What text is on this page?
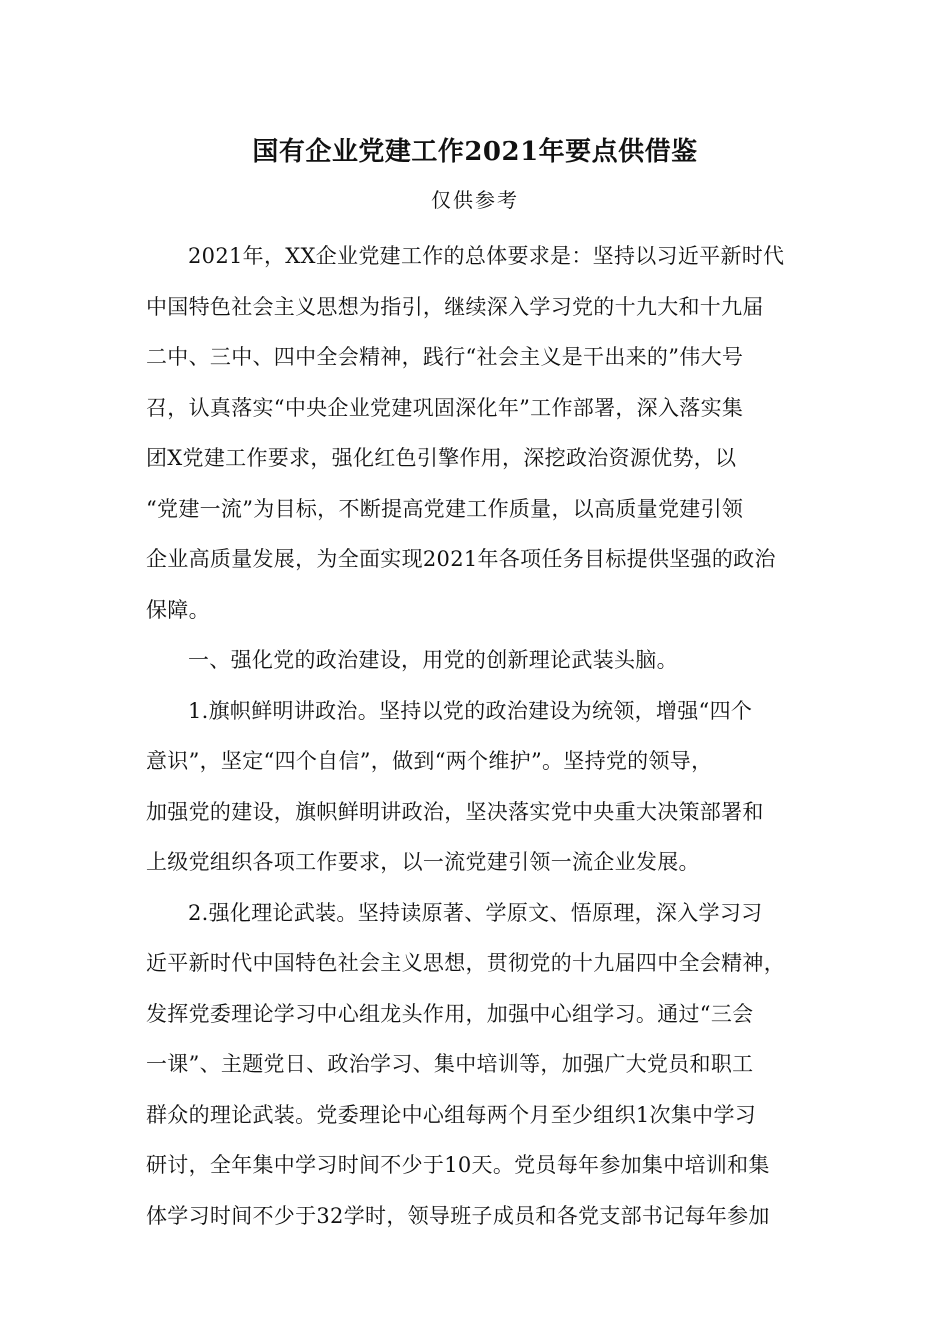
国有企业党建工作2021年要点供借鉴
仅供参考
2021年，XX企业党建工作的总体要求是：坚持以习近平新时代
中国特色社会主义思想为指引，继续深入学习党的十九大和十九届
二中、三中、四中全会精神，践行“社会主义是干出来的”伟大号
召，认真落实“中央企业党建巩固深化年”工作部署，深入落实集
团X党建工作要求，强化红色引擎作用，深挖政治资源优势，以
“党建一流”为目标，不断提高党建工作质量，以高质量党建引领
企业高质量发展，为全面实现2021年各项任务目标提供坚强的政治
保障。
一、强化党的政治建设，用党的创新理论武装头脑。
1.旗帜鲜明讲政治。坚持以党的政治建设为统领，增强“四个
意识”，坚定“四个自信”，做到“两个维护”。坚持党的领导，
加强党的建设，旗帜鲜明讲政治，坚决落实党中央重大决策部署和
上级党组织各项工作要求，以一流党建引领一流企业发展。
2.强化理论武装。坚持读原著、学原文、悟原理，深入学习习
近平新时代中国特色社会主义思想，贯彻党的十九届四中全会精神，
发挥党委理论学习中心组龙头作用，加强中心组学习。通过“三会
一课”、主题党日、政治学习、集中培训等，加强广大党员和职工
群众的理论武装。党委理论中心组每两个月至少组织1次集中学习
研讨，全年集中学习时间不少于10天。党员每年参加集中培训和集
体学习时间不少于32学时，领导班子成员和各党支部书记每年参加
